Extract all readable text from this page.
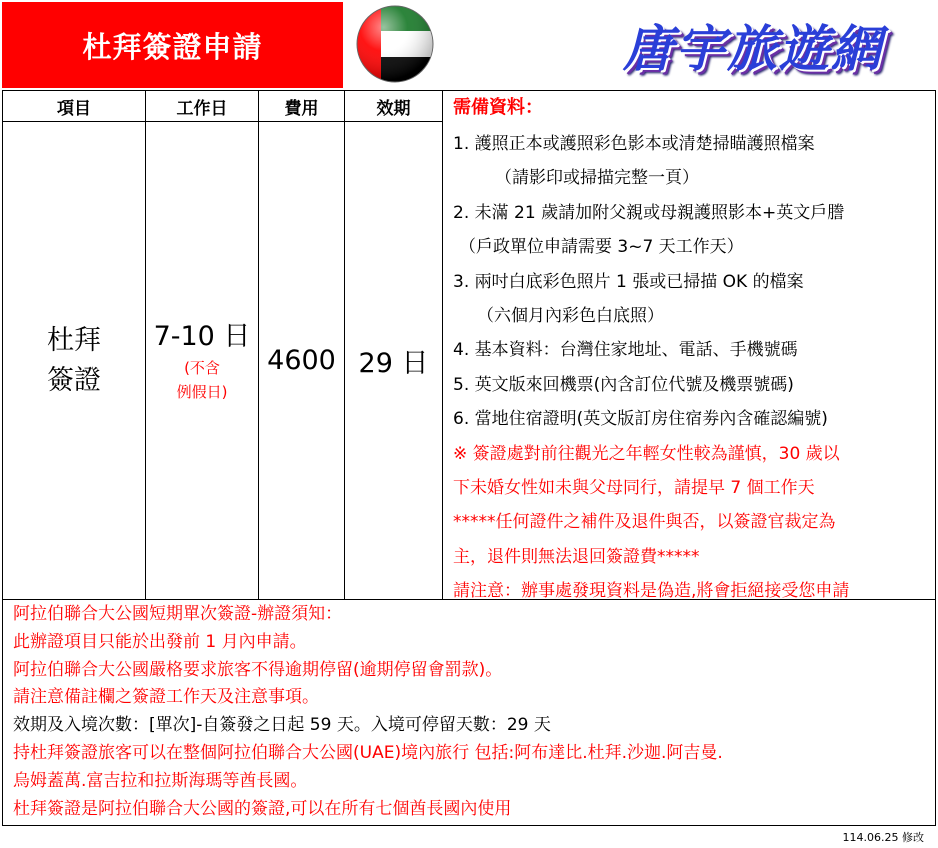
杜拜簽證申請	唐宇旅遊網
項目
杜拜
簽證
工作日
7-10 日
(不含
例假日)
費用
4600
效期
29 日
需備資料：
1. 護照正本或護照彩色影本或清楚掃瞄護照檔案
（請影印或掃描完整一頁）
2. 未滿 21 歲請加附父親或母親護照影本+英文戶謄
（戶政單位申請需要 3~7 天工作天）
3. 兩吋白底彩色照片 1 張或已掃描 OK 的檔案
（六個月內彩色白底照）
4. 基本資料：台灣住家地址、電話、手機號碼
5. 英文版來回機票(內含訂位代號及機票號碼)
6. 當地住宿證明(英文版訂房住宿劵內含確認編號)
※ 簽證處對前往觀光之年輕女性較為謹慎，30 歲以
下未婚女性如未與父母同行，請提早 7 個工作天
*****任何證件之補件及退件與否，以簽證官裁定為
主，退件則無法退回簽證費*****
請注意：辦事處發現資料是偽造,將會拒絕接受您申請
阿拉伯聯合大公國短期單次簽證-辦證須知：
此辦證項目只能於出發前 1 月內申請。
阿拉伯聯合大公國嚴格要求旅客不得逾期停留(逾期停留會罰款)。
請注意備註欄之簽證工作天及注意事項。
效期及入境次數：[單次]-自簽發之日起 59 天。入境可停留天數：29 天
持杜拜簽證旅客可以在整個阿拉伯聯合大公國(UAE)境內旅行 包括:阿布達比.杜拜.沙迦.阿吉曼.
烏姆蓋萬.富吉拉和拉斯海瑪等酋長國。
杜拜簽證是阿拉伯聯合大公國的簽證,可以在所有七個酋長國內使用
114.06.25 修改
